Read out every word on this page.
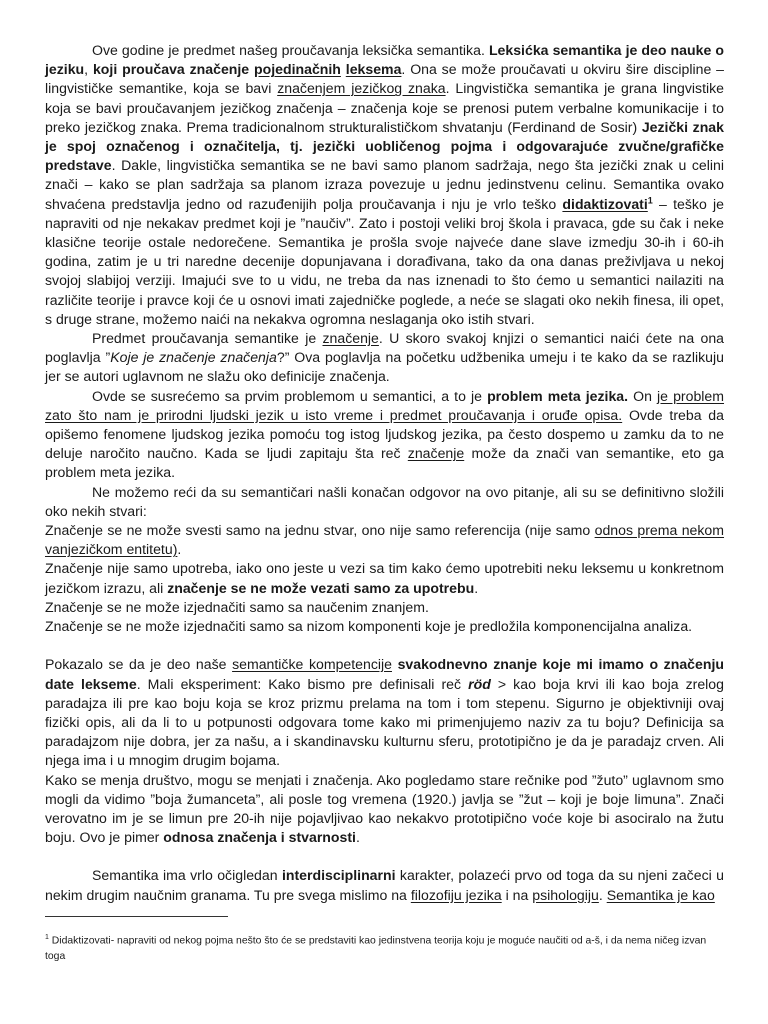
Ove godine je predmet našeg proučavanja leksička semantika. Leksićka semantika je deo nauke o jeziku, koji proučava značenje pojedinačnih leksema. Ona se može proučavati u okviru šire discipline – lingvističke semantike, koja se bavi značenjem jezičkog znaka. Lingvistička semantika je grana lingvistike koja se bavi proučavanjem jezičkog značenja – značenja koje se prenosi putem verbalne komunikacije i to preko jezičkog znaka. Prema tradicionalnom strukturalističkom shvatanju (Ferdinand de Sosir) Jezički znak je spoj označenog i označitelja, tj. jezički uobličenog pojma i odgovarajuće zvučne/grafičke predstave. Dakle, lingvistička semantika se ne bavi samo planom sadržaja, nego šta jezički znak u celini znači – kako se plan sadržaja sa planom izraza povezuje u jednu jedinstvenu celinu. Semantika ovako shvaćena predstavlja jedno od razuđenijih polja proučavanja i nju je vrlo teško didaktizovati$^1$ – teško je napraviti od nje nekakav predmet koji je ”naučiv”. Zato i postoji veliki broj škola i pravaca, gde su čak i neke klasične teorije ostale nedorečene. Semantika je prošla svoje najveće dane slave izmedju 30-ih i 60-ih godina, zatim je u tri naredne decenije dopunjavana i dorađivana, tako da ona danas preživljava u nekoj svojoj slabijoj verziji. Imajući sve to u vidu, ne treba da nas iznenadi to što ćemo u semantici nailaziti na različite teorije i pravce koji će u osnovi imati zajedničke poglede, a neće se slagati oko nekih finesa, ili opet, s druge strane, možemo naići na nekakva ogromna neslaganja oko istih stvari.

Predmet proučavanja semantike je značenje. U skoro svakoj knjizi o semantici naići ćete na ona poglavlja ”Koje je značenje značenja?” Ova poglavlja na početku udžbenika umeju i te kako da se razlikuju jer se autori uglavnom ne slažu oko definicije značenja.

Ovde se susrećemo sa prvim problemom u semantici, a to je problem meta jezika. On je problem zato što nam je prirodni ljudski jezik u isto vreme i predmet proučavanja i oruđe opisa. Ovde treba da opišemo fenomene ljudskog jezika pomoću tog istog ljudskog jezika, pa često dospemo u zamku da to ne deluje naročito naučno. Kada se ljudi zapitaju šta reč značenje može da znači van semantike, eto ga problem meta jezika.

Ne možemo reći da su semantičari našli konačan odgovor na ovo pitanje, ali su se definitivno složili oko nekih stvari:

Značenje se ne može svesti samo na jednu stvar, ono nije samo referencija (nije samo odnos prema nekom vanjezičkom entitetu).

Značenje nije samo upotreba, iako ono jeste u vezi sa tim kako ćemo upotrebiti neku leksemu u konkretnom jezičkom izrazu, ali značenje se ne može vezati samo za upotrebu.

Značenje se ne može izjednačiti samo sa naučenim znanjem.

Značenje se ne može izjednačiti samo sa nizom komponenti koje je predložila komponencijalna analiza.

Pokazalo se da je deo naše semantičke kompetencije svakodnevno znanje koje mi imamo o značenju date lekseme. Mali eksperiment: Kako bismo pre definisali reč röd > kao boja krvi ili kao boja zrelog paradajza ili pre kao boju koja se kroz prizmu prelama na tom i tom stepenu. Sigurno je objektivniji ovaj fizički opis, ali da li to u potpunosti odgovara tome kako mi primenjujemo naziv za tu boju? Definicija sa paradajzom nije dobra, jer za našu, a i skandinavsku kulturnu sferu, prototipično je da je paradajz crven. Ali njega ima i u mnogim drugim bojama.

Kako se menja društvo, mogu se menjati i značenja. Ako pogledamo stare rečnike pod ”žuto” uglavnom smo mogli da vidimo ”boja žumanceta”, ali posle tog vremena (1920.) javlja se ”žut – koji je boje limuna”. Znači verovatno im je se limun pre 20-ih nije pojavljivao kao nekakvo prototipično voće koje bi asociralo na žutu boju. Ovo je pimer odnosa značenja i stvarnosti.

Semantika ima vrlo očigledan interdisciplinarni karakter, polazeći prvo od toga da su njeni začeci u nekim drugim naučnim granama. Tu pre svega mislimo na filozofiju jezika i na psihologiju. Semantika je kao

$^1$ Didaktizovati- napraviti od nekog pojma nešto što će se predstaviti kao jedinstvena teorija koju je moguće naučiti od a-š, i da nema ničeg izvan toga
